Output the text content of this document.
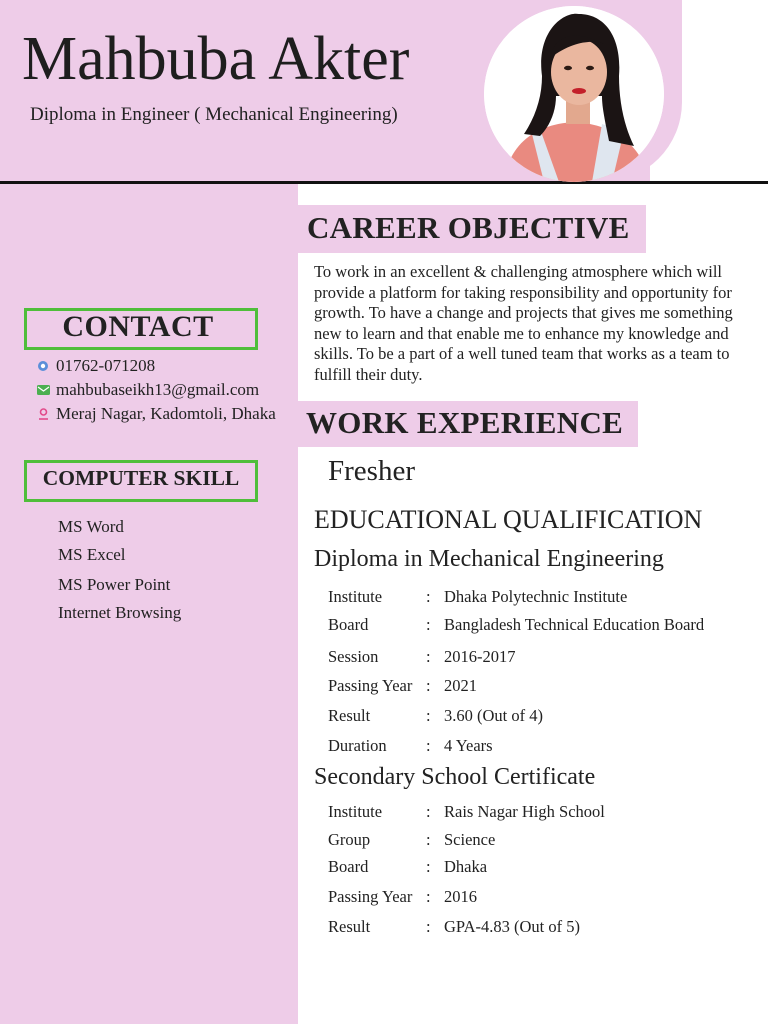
Mahbuba Akter
Diploma in Engineer ( Mechanical Engineering)
CONTACT
01762-071208
mahbubaseikh13@gmail.com
Meraj Nagar, Kadomtoli, Dhaka
COMPUTER SKILL
MS Word
MS Excel
MS Power Point
Internet Browsing
CAREER OBJECTIVE
To work in an excellent & challenging atmosphere which will provide a platform for taking responsibility and opportunity for growth. To have a change and projects that gives me something new to learn and that enable me to enhance my knowledge and skills. To be a part of a well tuned team that works as a team to fulfill their duty.
WORK EXPERIENCE
Fresher
EDUCATIONAL QUALIFICATION
Diploma in Mechanical Engineering
Institute	: Dhaka Polytechnic Institute
Board	: Bangladesh Technical Education Board
Session	: 2016-2017
Passing Year : 2021
Result	: 3.60 (Out of 4)
Duration : 4 Years
Secondary School Certificate
Institute	: Rais Nagar High School
Group	: Science
Board	: Dhaka
Passing Year : 2016
Result	: GPA-4.83 (Out of 5)
